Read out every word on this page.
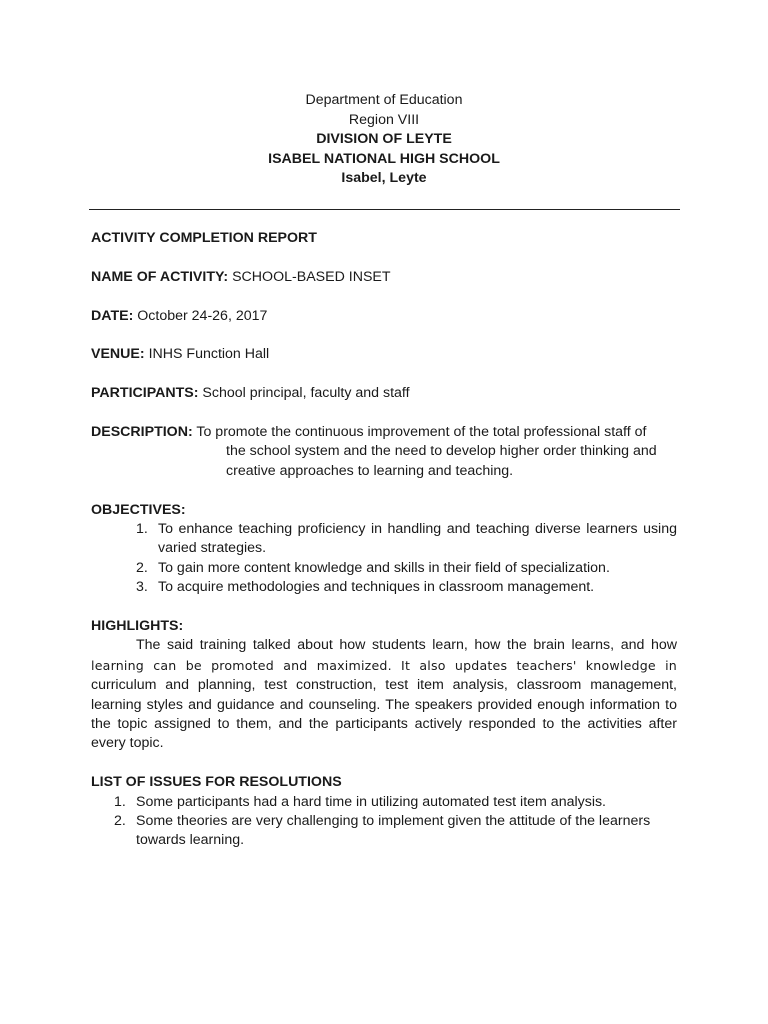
Department of Education
Region VIII
DIVISION OF LEYTE
ISABEL NATIONAL HIGH SCHOOL
Isabel, Leyte

ACTIVITY COMPLETION REPORT

NAME OF ACTIVITY: SCHOOL-BASED INSET

DATE: October 24-26, 2017

VENUE: INHS Function Hall

PARTICIPANTS: School principal, faculty and staff

DESCRIPTION: To promote the continuous improvement of the total professional staff of
the school system and the need to develop higher order thinking and
creative approaches to learning and teaching.
OBJECTIVES:
1. To enhance teaching proficiency in handling and teaching diverse learners using varied strategies.
2. To gain more content knowledge and skills in their field of specialization.
3. To acquire methodologies and techniques in classroom management.
HIGHLIGHTS:
The said training talked about how students learn, how the brain learns, and how learning can be promoted and maximized. It also updates teachers' knowledge in curriculum and planning, test construction, test item analysis, classroom management, learning styles and guidance and counseling. The speakers provided enough information to the topic assigned to them, and the participants actively responded to the activities after every topic.
LIST OF ISSUES FOR RESOLUTIONS
1. Some participants had a hard time in utilizing automated test item analysis.
2. Some theories are very challenging to implement given the attitude of the learners towards learning.
